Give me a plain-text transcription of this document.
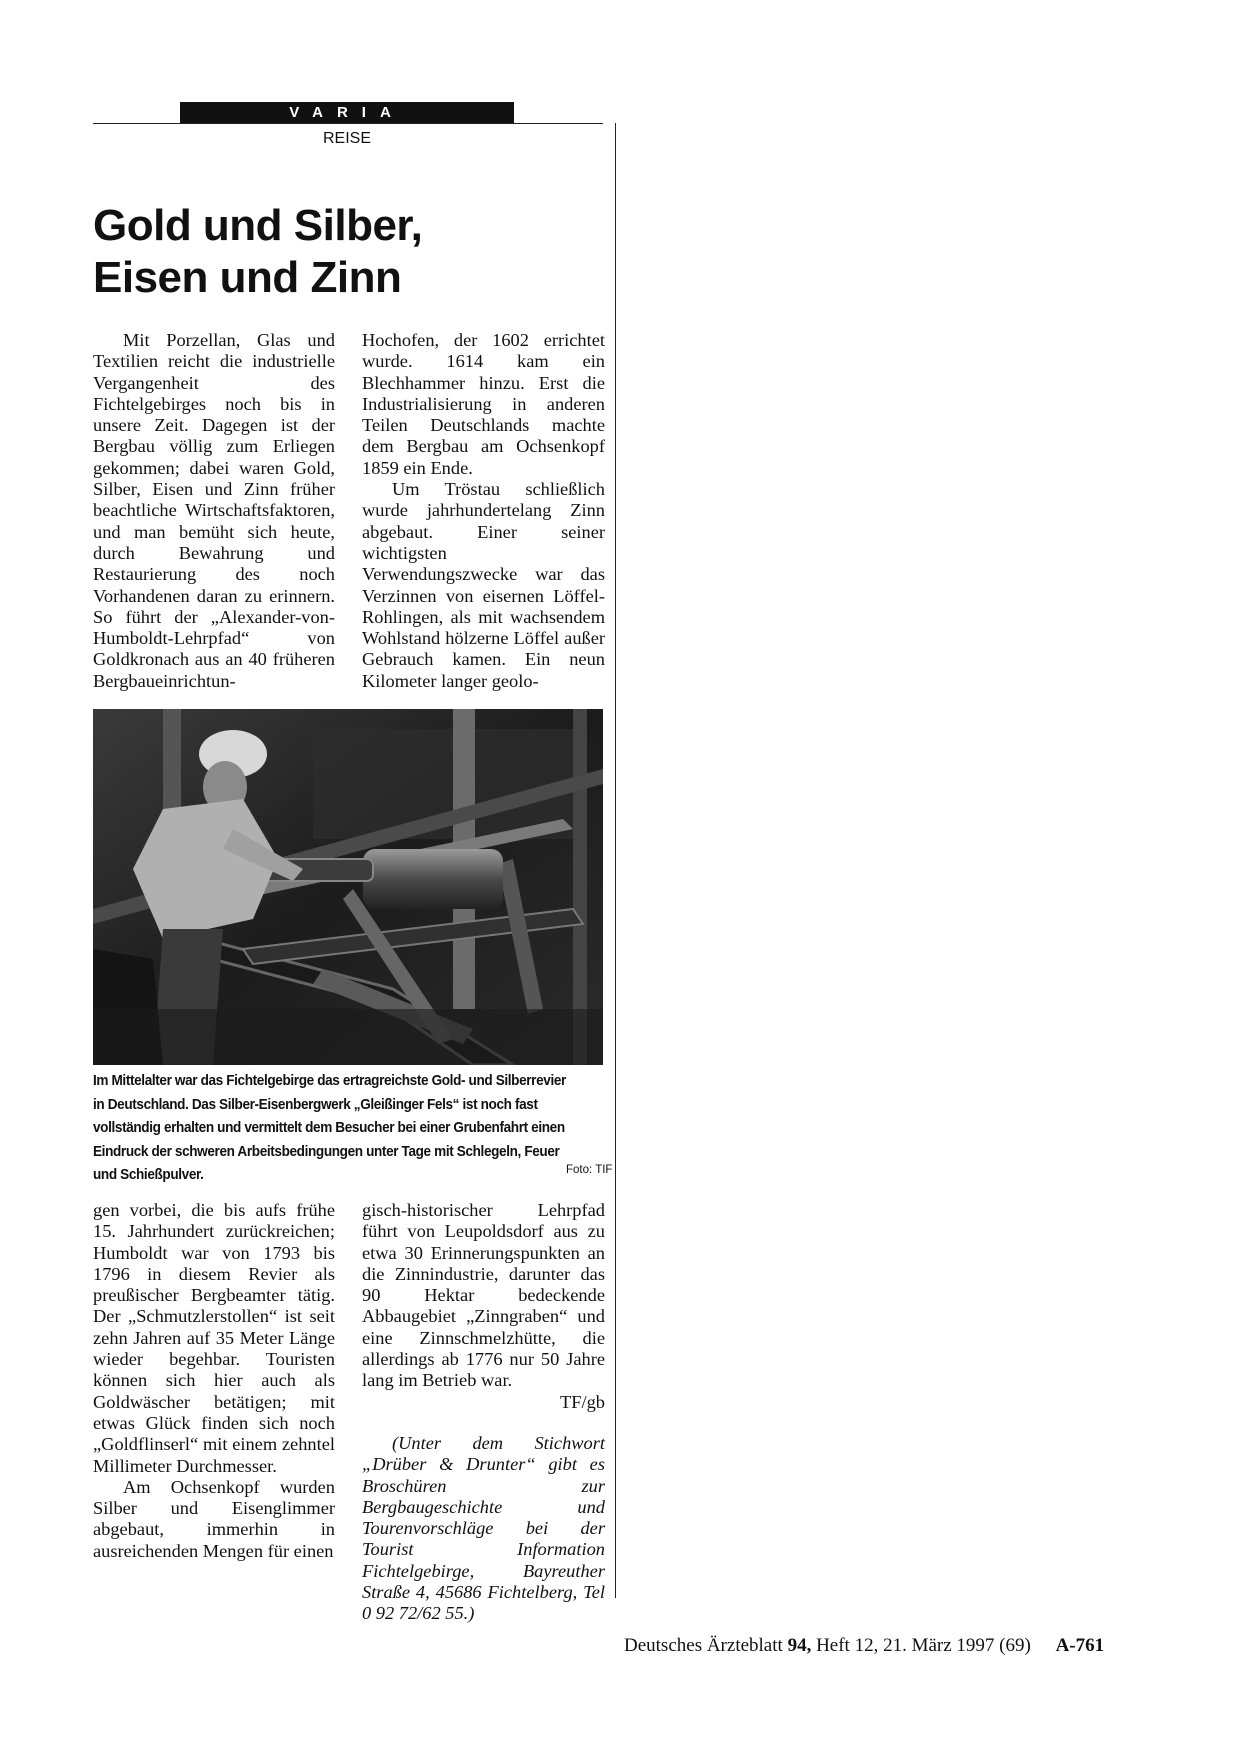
VARIA
REISE
Gold und Silber,
Eisen und Zinn

Mit Porzellan, Glas und Textilien reicht die industrielle Vergangenheit des Fichtelgebirges noch bis in unsere Zeit. Dagegen ist der Bergbau völlig zum Erliegen gekommen; dabei waren Gold, Silber, Eisen und Zinn früher beachtliche Wirtschaftsfaktoren, und man bemüht sich heute, durch Bewahrung und Restaurierung des noch Vorhandenen daran zu erinnern. So führt der „Alexander-von-Humboldt-Lehrpfad“ von Goldkronach aus an 40 früheren Bergbaueinrichtun-

Hochofen, der 1602 errichtet wurde. 1614 kam ein Blechhammer hinzu. Erst die Industrialisierung in anderen Teilen Deutschlands machte dem Bergbau am Ochsenkopf 1859 ein Ende.

Um Tröstau schließlich wurde jahrhundertelang Zinn abgebaut. Einer seiner wichtigsten Verwendungszwecke war das Verzinnen von eisernen Löffel-Rohlingen, als mit wachsendem Wohlstand hölzerne Löffel außer Gebrauch kamen. Ein neun Kilometer langer geolo-

Im Mittelalter war das Fichtelgebirge das ertragreichste Gold- und Silberrevier in Deutschland. Das Silber-Eisenbergwerk „Gleißinger Fels“ ist noch fast vollständig erhalten und vermittelt dem Besucher bei einer Grubenfahrt einen Eindruck der schweren Arbeitsbedingungen unter Tage mit Schlegeln, Feuer und Schießpulver.	Foto: TIF

gen vorbei, die bis aufs frühe 15. Jahrhundert zurückreichen; Humboldt war von 1793 bis 1796 in diesem Revier als preußischer Bergbeamter tätig. Der „Schmutzlerstollen“ ist seit zehn Jahren auf 35 Meter Länge wieder begehbar. Touristen können sich hier auch als Goldwäscher betätigen; mit etwas Glück finden sich noch „Goldflinserl“ mit einem zehntel Millimeter Durchmesser.

Am Ochsenkopf wurden Silber und Eisenglimmer abgebaut, immerhin in ausreichenden Mengen für einen

gisch-historischer Lehrpfad führt von Leupoldsdorf aus zu etwa 30 Erinnerungspunkten an die Zinnindustrie, darunter das 90 Hektar bedeckende Abbaugebiet „Zinngraben“ und eine Zinnschmelzhütte, die allerdings ab 1776 nur 50 Jahre lang im Betrieb war.

TF/gb

(Unter dem Stichwort „Drüber & Drunter“ gibt es Broschüren zur Bergbaugeschichte und Tourenvorschläge bei der Tourist Information Fichtelgebirge, Bayreuther Straße 4, 45686 Fichtelberg, Tel 0 92 72/62 55.)

Deutsches Ärzteblatt 94, Heft 12, 21. März 1997 (69) A-761
